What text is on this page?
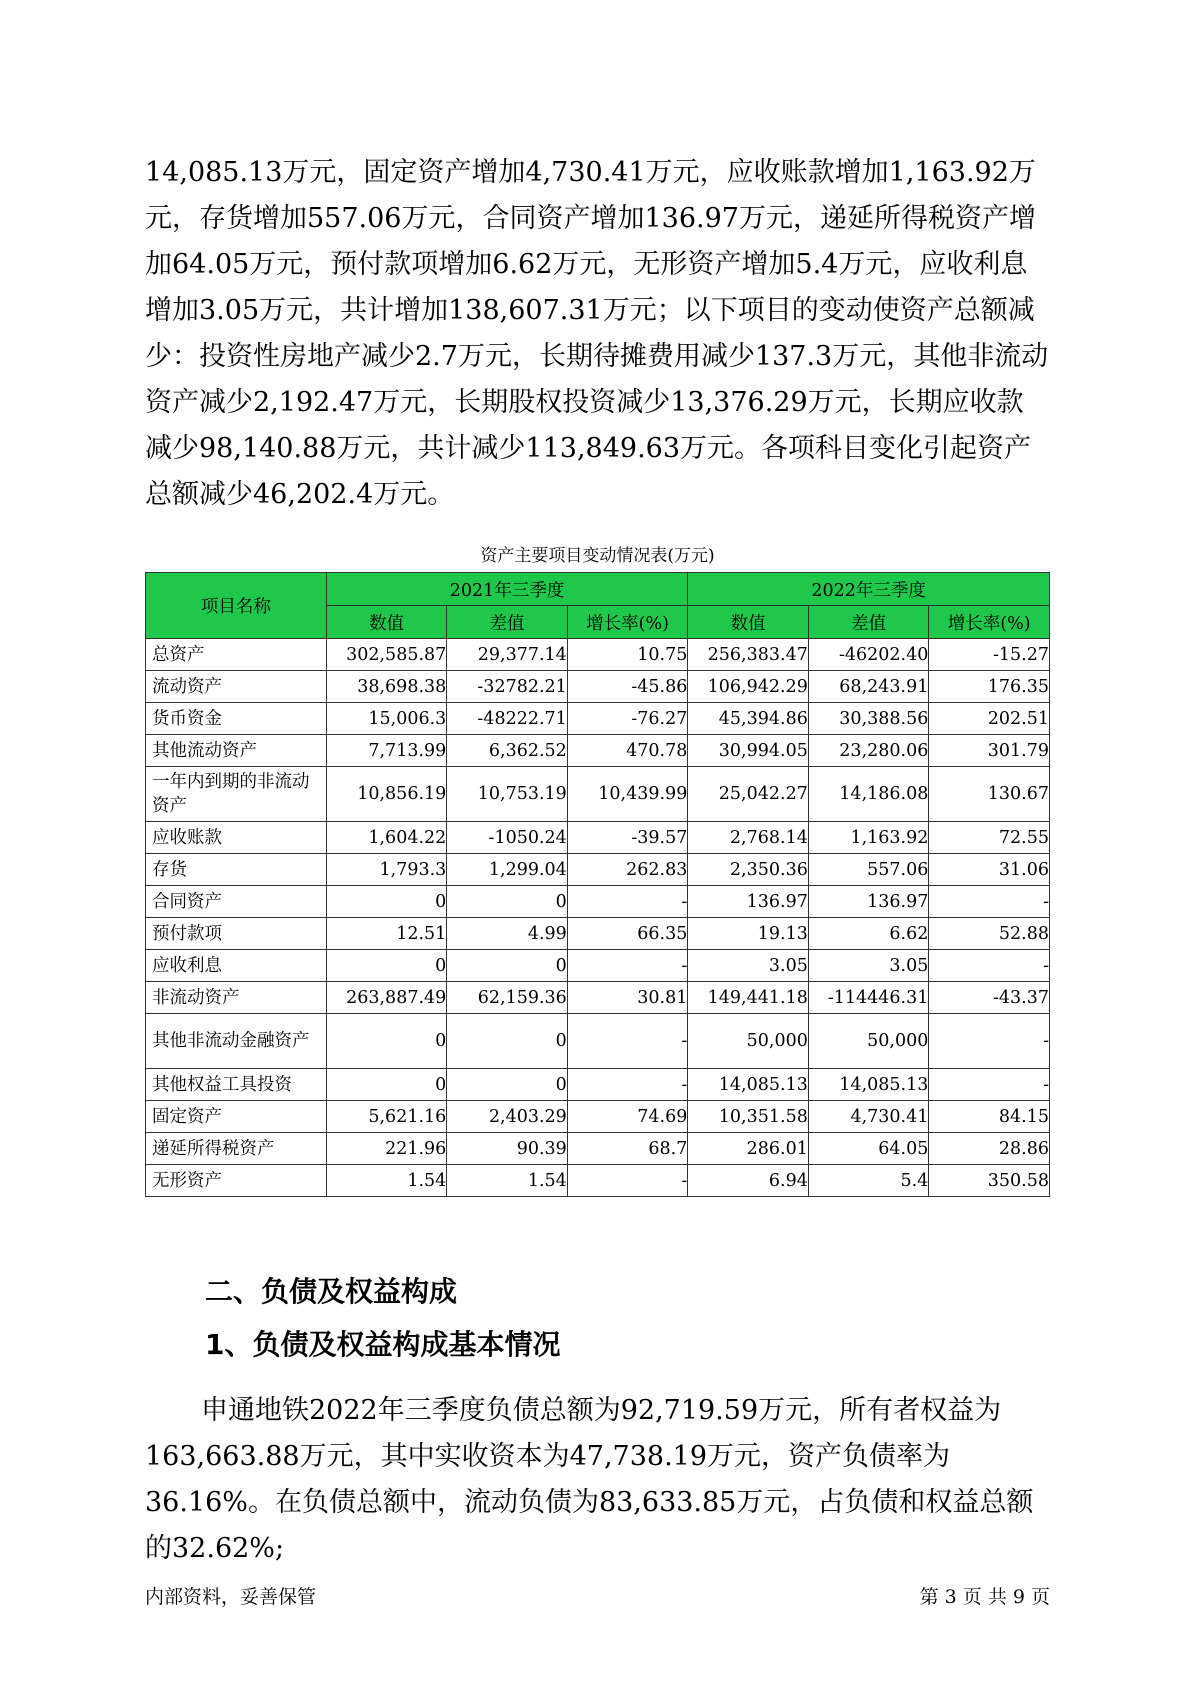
14,085.13万元，固定资产增加4,730.41万元，应收账款增加1,163.92万元，存货增加557.06万元，合同资产增加136.97万元，递延所得税资产增加64.05万元，预付款项增加6.62万元，无形资产增加5.4万元，应收利息增加3.05万元，共计增加138,607.31万元；以下项目的变动使资产总额减少：投资性房地产减少2.7万元，长期待摊费用减少137.3万元，其他非流动资产减少2,192.47万元，长期股权投资减少13,376.29万元，长期应收款减少98,140.88万元，共计减少113,849.63万元。各项科目变化引起资产总额减少46,202.4万元。

资产主要项目变动情况表(万元)
项目名称	2021年三季度			2022年三季度		
	数值	差值	增长率(%)	数值	差值	增长率(%)
总资产	302,585.87	29,377.14	10.75	256,383.47	-46202.40	-15.27
流动资产	38,698.38	-32782.21	-45.86	106,942.29	68,243.91	176.35
货币资金	15,006.3	-48222.71	-76.27	45,394.86	30,388.56	202.51
其他流动资产	7,713.99	6,362.52	470.78	30,994.05	23,280.06	301.79
一年内到期的非流动资产	10,856.19	10,753.19	10,439.99	25,042.27	14,186.08	130.67
应收账款	1,604.22	-1050.24	-39.57	2,768.14	1,163.92	72.55
存货	1,793.3	1,299.04	262.83	2,350.36	557.06	31.06
合同资产	0	0	-	136.97	136.97	-
预付款项	12.51	4.99	66.35	19.13	6.62	52.88
应收利息	0	0	-	3.05	3.05	-
非流动资产	263,887.49	62,159.36	30.81	149,441.18	-114446.31	-43.37
其他非流动金融资产	0	0	-	50,000	50,000	-
其他权益工具投资	0	0	-	14,085.13	14,085.13	-
固定资产	5,621.16	2,403.29	74.69	10,351.58	4,730.41	84.15
递延所得税资产	221.96	90.39	68.7	286.01	64.05	28.86
无形资产	1.54	1.54	-	6.94	5.4	350.58
二、负债及权益构成
1、负债及权益构成基本情况

申通地铁2022年三季度负债总额为92,719.59万元，所有者权益为163,663.88万元，其中实收资本为47,738.19万元，资产负债率为36.16%。在负债总额中，流动负债为83,633.85万元，占负债和权益总额的32.62%;

内部资料，妥善保管	第 3 页 共 9 页
